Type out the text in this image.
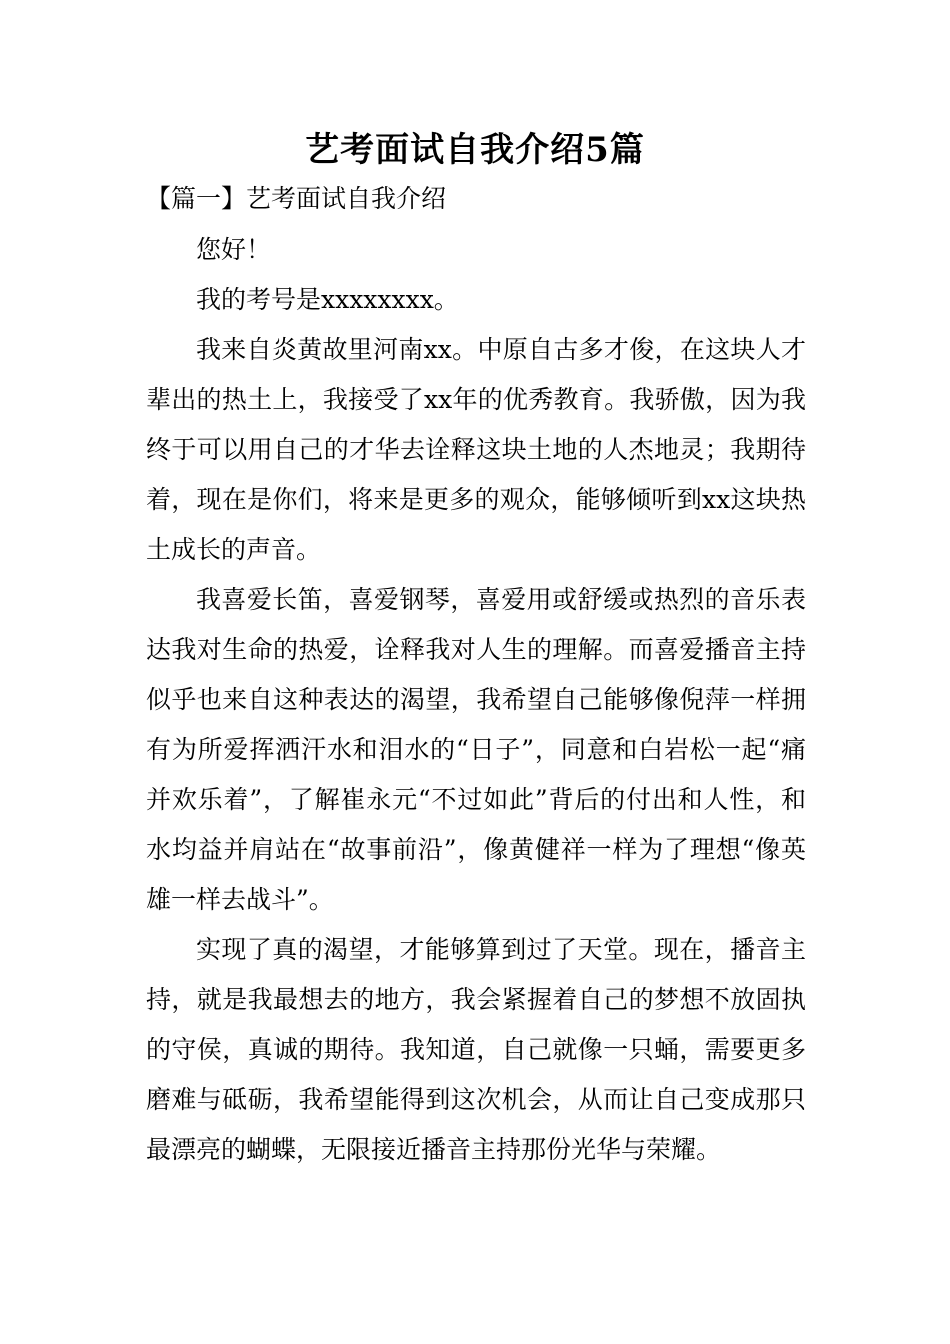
艺考面试自我介绍5篇
【篇一】艺考面试自我介绍

您好！

我的考号是xxxxxxxx。

我来自炎黄故里河南xx。中原自古多才俊，在这块人才辈出的热土上，我接受了xx年的优秀教育。我骄傲，因为我终于可以用自己的才华去诠释这块土地的人杰地灵；我期待着，现在是你们，将来是更多的观众，能够倾听到xx这块热土成长的声音。

我喜爱长笛，喜爱钢琴，喜爱用或舒缓或热烈的音乐表达我对生命的热爱，诠释我对人生的理解。而喜爱播音主持似乎也来自这种表达的渴望，我希望自己能够像倪萍一样拥有为所爱挥洒汗水和泪水的“日子”，同意和白岩松一起“痛并欢乐着”，了解崔永元“不过如此”背后的付出和人性，和水均益并肩站在“故事前沿”，像黄健祥一样为了理想“像英雄一样去战斗”。

实现了真的渴望，才能够算到过了天堂。现在，播音主持，就是我最想去的地方，我会紧握着自己的梦想不放固执的守侯，真诚的期待。我知道，自己就像一只蛹，需要更多磨难与砥砺，我希望能得到这次机会，从而让自己变成那只最漂亮的蝴蝶，无限接近播音主持那份光华与荣耀。
